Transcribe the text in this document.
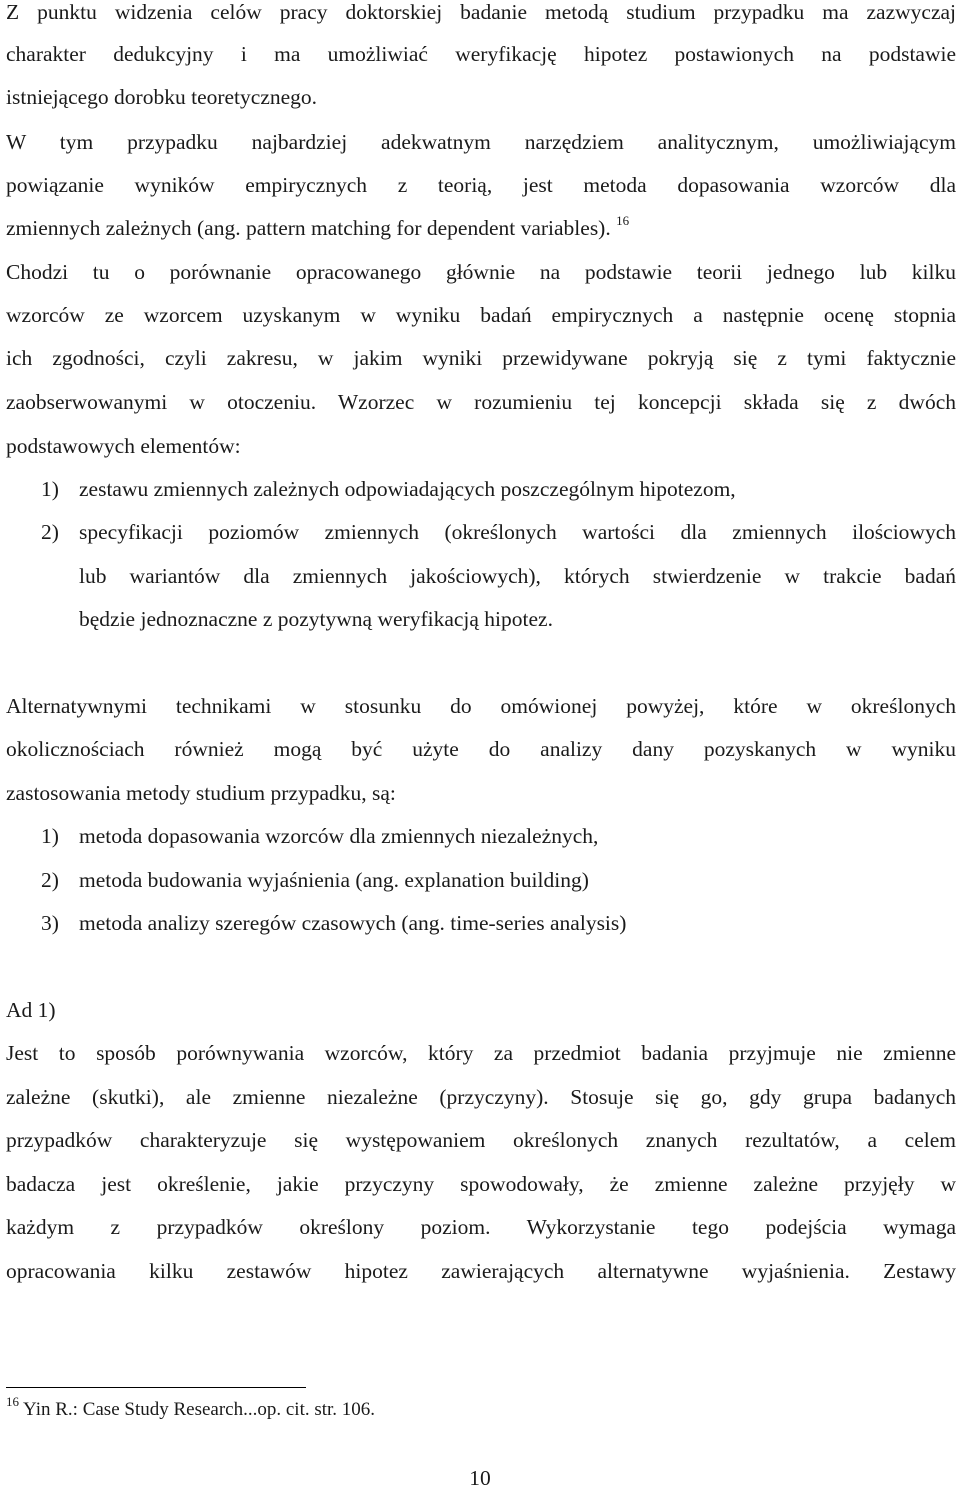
Z punktu widzenia celów pracy doktorskiej badanie metodą studium przypadku ma zazwyczaj
charakter dedukcyjny i ma umożliwiać weryfikację hipotez postawionych na podstawie
istniejącego dorobku teoretycznego.
W tym przypadku najbardziej adekwatnym narzędziem analitycznym, umożliwiającym
powiązanie wyników empirycznych z teorią, jest metoda dopasowania wzorców dla
zmiennych zależnych (ang. pattern matching for dependent variables). $^{16}$
Chodzi tu o porównanie opracowanego głównie na podstawie teorii jednego lub kilku
wzorców ze wzorcem uzyskanym w wyniku badań empirycznych a następnie ocenę stopnia
ich zgodności, czyli zakresu, w jakim wyniki przewidywane pokryją się z tymi faktycznie
zaobserwowanymi w otoczeniu. Wzorzec w rozumieniu tej koncepcji składa się z dwóch
podstawowych elementów:
1) zestawu zmiennych zależnych odpowiadających poszczególnym hipotezom,
2) specyfikacji poziomów zmiennych (określonych wartości dla zmiennych ilościowych
lub wariantów dla zmiennych jakościowych), których stwierdzenie w trakcie badań
będzie jednoznaczne z pozytywną weryfikacją hipotez.
Alternatywnymi technikami w stosunku do omówionej powyżej, które w określonych
okolicznościach również mogą być użyte do analizy dany pozyskanych w wyniku
zastosowania metody studium przypadku, są:
1) metoda dopasowania wzorców dla zmiennych niezależnych,
2) metoda budowania wyjaśnienia (ang. explanation building)
3) metoda analizy szeregów czasowych (ang. time-series analysis)
Ad 1)
Jest to sposób porównywania wzorców, który za przedmiot badania przyjmuje nie zmienne
zależne (skutki), ale zmienne niezależne (przyczyny). Stosuje się go, gdy grupa badanych
przypadków charakteryzuje się występowaniem określonych znanych rezultatów, a celem
badacza jest określenie, jakie przyczyny spowodowały, że zmienne zależne przyjęły w
każdym z przypadków określony poziom. Wykorzystanie tego podejścia wymaga
opracowania kilku zestawów hipotez zawierających alternatywne wyjaśnienia. Zestawy
$^{16}$ Yin R.: Case Study Research...op. cit. str. 106.
10
